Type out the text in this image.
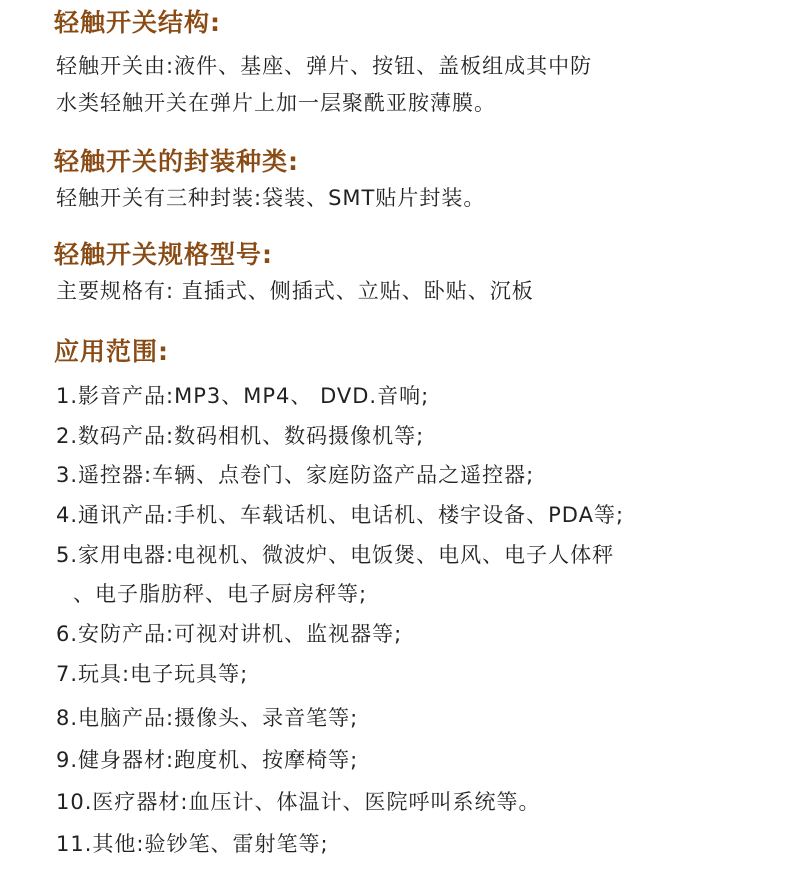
轻触开关结构:
轻触开关由:液件、基座、弹片、按钮、盖板组成其中防
水类轻触开关在弹片上加一层聚酰亚胺薄膜。
轻触开关的封装种类:
轻触开关有三种封装:袋装、SMT贴片封装。
轻触开关规格型号:
主要规格有: 直插式、侧插式、立贴、卧贴、沉板
应用范围:
1.影音产品:MP3、MP4、 DVD.音响;
2.数码产品:数码相机、数码摄像机等;
3.遥控器:车辆、点卷门、家庭防盗产品之遥控器;
4.通讯产品:手机、车载话机、电话机、楼宇设备、PDA等;
5.家用电器:电视机、微波炉、电饭煲、电风、电子人体秤
、电子脂肪秤、电子厨房秤等;
6.安防产品:可视对讲机、监视器等;
7.玩具:电子玩具等;
8.电脑产品:摄像头、录音笔等;
9.健身器材:跑度机、按摩椅等;
10.医疗器材:血压计、体温计、医院呼叫系统等。
11.其他:验钞笔、雷射笔等;
